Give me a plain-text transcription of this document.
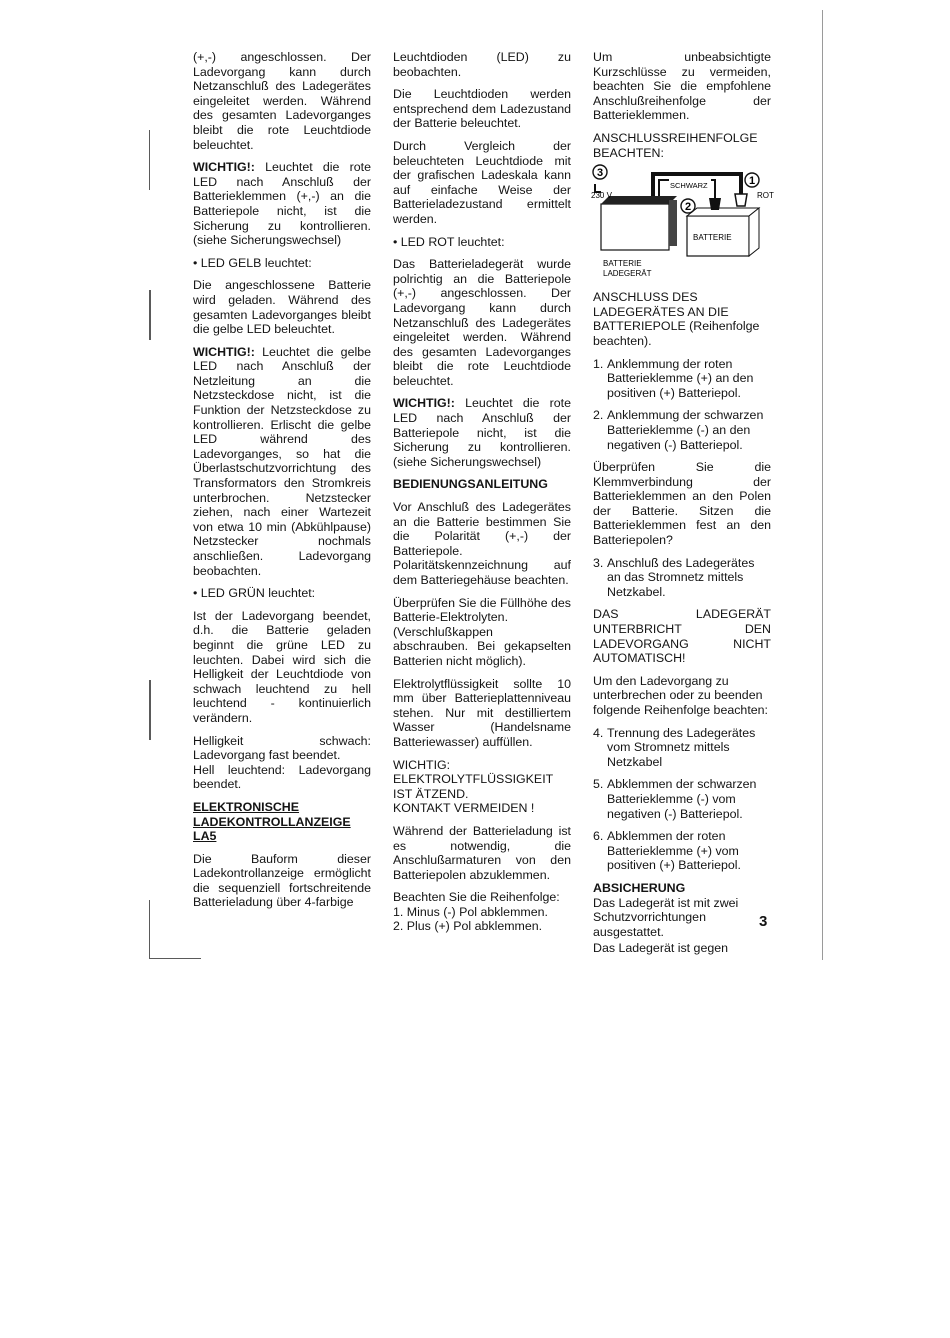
(+,-) angeschlossen. Der Ladevorgang kann durch Netzanschluß des Ladegerätes eingeleitet werden. Während des gesamten Ladevorganges bleibt die rote Leuchtdiode beleuchtet.

WICHTIG!: Leuchtet die rote LED nach Anschluß der Batterieklemmen (+,-) an die Batteriepole nicht, ist die Sicherung zu kontrollieren. (siehe Sicherungswechsel)

• LED GELB leuchtet:

Die angeschlossene Batterie wird geladen. Während des gesamten Ladevorganges bleibt die gelbe LED beleuchtet.

WICHTIG!: Leuchtet die gelbe LED nach Anschluß der Netzleitung an die Netzsteckdose nicht, ist die Funktion der Netzsteckdose zu kontrollieren. Erlischt die gelbe LED während des Ladevorganges, so hat die Überlastschutzvorrichtung des Transformators den Stromkreis unterbrochen. Netzstecker ziehen, nach einer Wartezeit von etwa 10 min (Abkühlpause) Netzstecker nochmals anschließen. Ladevorgang beobachten.

• LED GRÜN leuchtet:

Ist der Ladevorgang beendet, d.h. die Batterie geladen beginnt die grüne LED zu leuchten. Dabei wird sich die Helligkeit der Leuchtdiode von schwach leuchtend zu hell leuchtend - kontinuierlich verändern.

Helligkeit schwach: Ladevorgang fast beendet.

Hell leuchtend: Ladevorgang beendet.

ELEKTRONISCHE LADEKONTROLLANZEIGE LA5

Die Bauform dieser Ladekontrollanzeige ermöglicht die sequenziell fortschreitende Batterieladung über 4-farbige

Leuchtdioden (LED) zu beobachten.

Die Leuchtdioden werden entsprechend dem Ladezustand der Batterie beleuchtet.

Durch Vergleich der beleuchteten Leuchtdiode mit der grafischen Ladeskala kann auf einfache Weise der Batterieladezustand ermittelt werden.

• LED ROT leuchtet:

Das Batterieladegerät wurde polrichtig an die Batteriepole (+,-) angeschlossen. Der Ladevorgang kann durch Netzanschluß des Ladegerätes eingeleitet werden. Während des gesamten Ladevorganges bleibt die rote Leuchtdiode beleuchtet.

WICHTIG!: Leuchtet die rote LED nach Anschluß der Batteriepole nicht, ist die Sicherung zu kontrollieren. (siehe Sicherungswechsel)

BEDIENUNGSANLEITUNG

Vor Anschluß des Ladegerätes an die Batterie bestimmen Sie die Polarität (+,-) der Batteriepole. Polaritätskennzeichnung auf dem Batteriegehäuse beachten.

Überprüfen Sie die Füllhöhe des Batterie-Elektrolyten. (Verschlußkappen abschrauben. Bei gekapselten Batterien nicht möglich).

Elektrolytflüssigkeit sollte 10 mm über Batterieplattenniveau stehen. Nur mit destilliertem Wasser (Handelsname Batteriewasser) auffüllen.

WICHTIG:

ELEKTROLYTFLÜSSIGKEIT IST ÄTZEND.

KONTAKT VERMEIDEN !

Während der Batterieladung ist es notwendig, die Anschlußarmaturen von den Batteriepolen abzuklemmen.

Beachten Sie die Reihenfolge:

1. Minus (-) Pol abklemmen.

2. Plus (+) Pol abklemmen.

Um unbeabsichtigte Kurzschlüsse zu vermeiden, beachten Sie die empfohlene Anschlußreihenfolge der Batterieklemmen.

ANSCHLUSSREIHENFOLGE BEACHTEN:

3
1
2
230 V
SCHWARZ
ROT
BATTERIE
LADEGERÄT
BATTERIE

ANSCHLUSS DES LADEGERÄTES AN DIE BATTERIEPOLE (Reihenfolge beachten).

1. Anklemmung der roten Batterieklemme (+) an den positiven (+) Batteriepol.
2. Anklemmung der schwarzen Batterieklemme (-) an den negativen (-) Batteriepol.

Überprüfen Sie die Klemmverbindung der Batterieklemmen an den Polen der Batterie. Sitzen die Batterieklemmen fest an den Batteriepolen?

3. Anschluß des Ladegerätes an das Stromnetz mittels Netzkabel.

DAS LADEGERÄT UNTERBRICHT DEN LADEVORGANG NICHT AUTOMATISCH!

Um den Ladevorgang zu unterbrechen oder zu beenden folgende Reihenfolge beachten:

4. Trennung des Ladegerätes vom Stromnetz mittels Netzkabel
5. Abklemmen der schwarzen Batterieklemme (-) vom negativen (-) Batteriepol.
6. Abklemmen der roten Batterieklemme (+) vom positiven (+) Batteriepol.

ABSICHERUNG

Das Ladegerät ist mit zwei Schutzvorrichtungen ausgestattet.

Das Ladegerät ist gegen

3
